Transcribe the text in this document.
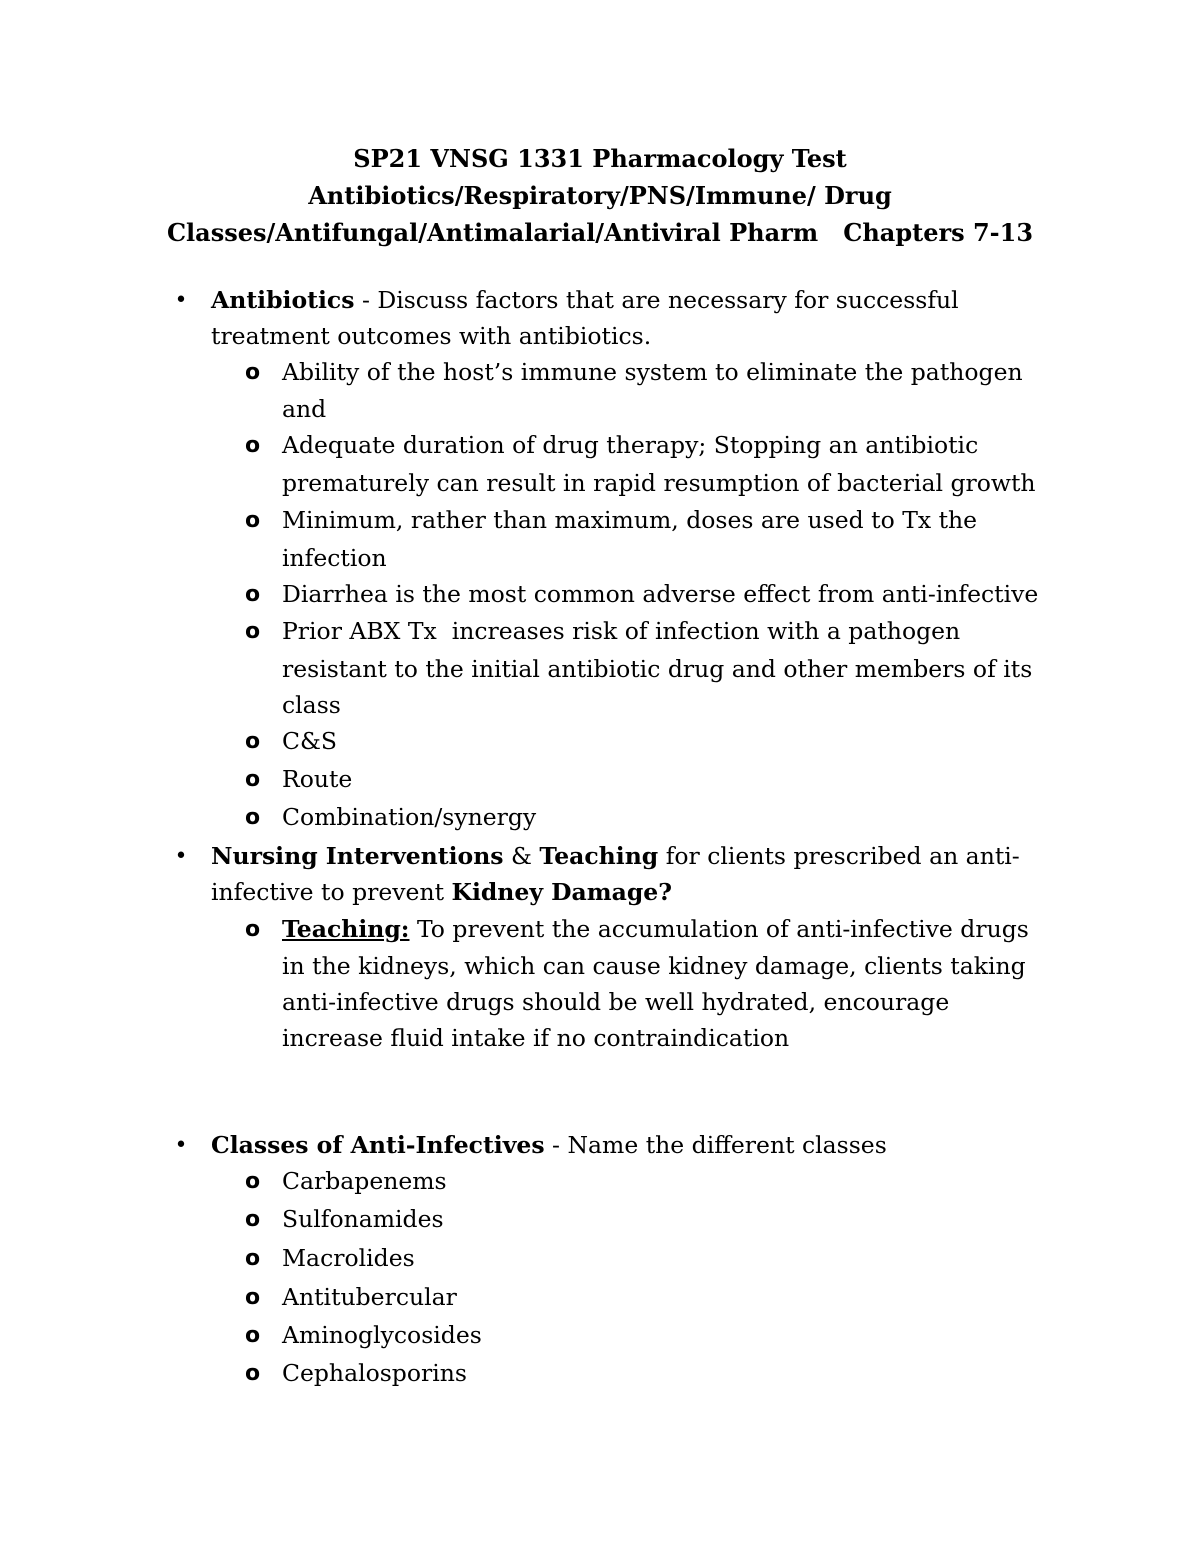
SP21 VNSG 1331 Pharmacology Test
Antibiotics/Respiratory/PNS/Immune/ Drug
Classes/Antifungal/Antimalarial/Antiviral Pharm   Chapters 7-13
• Antibiotics - Discuss factors that are necessary for successful
treatment outcomes with antibiotics.
o Ability of the host’s immune system to eliminate the pathogen
and
o Adequate duration of drug therapy; Stopping an antibiotic
prematurely can result in rapid resumption of bacterial growth
o Minimum, rather than maximum, doses are used to Tx the
infection
o Diarrhea is the most common adverse effect from anti-infective
o Prior ABX Tx  increases risk of infection with a pathogen
resistant to the initial antibiotic drug and other members of its
class
o C&S
o Route
o Combination/synergy
• Nursing Interventions & Teaching for clients prescribed an anti-
infective to prevent Kidney Damage?
o Teaching: To prevent the accumulation of anti-infective drugs
in the kidneys, which can cause kidney damage, clients taking
anti-infective drugs should be well hydrated, encourage
increase fluid intake if no contraindication
• Classes of Anti-Infectives - Name the different classes
o Carbapenems
o Sulfonamides
o Macrolides
o Antitubercular
o Aminoglycosides
o Cephalosporins
